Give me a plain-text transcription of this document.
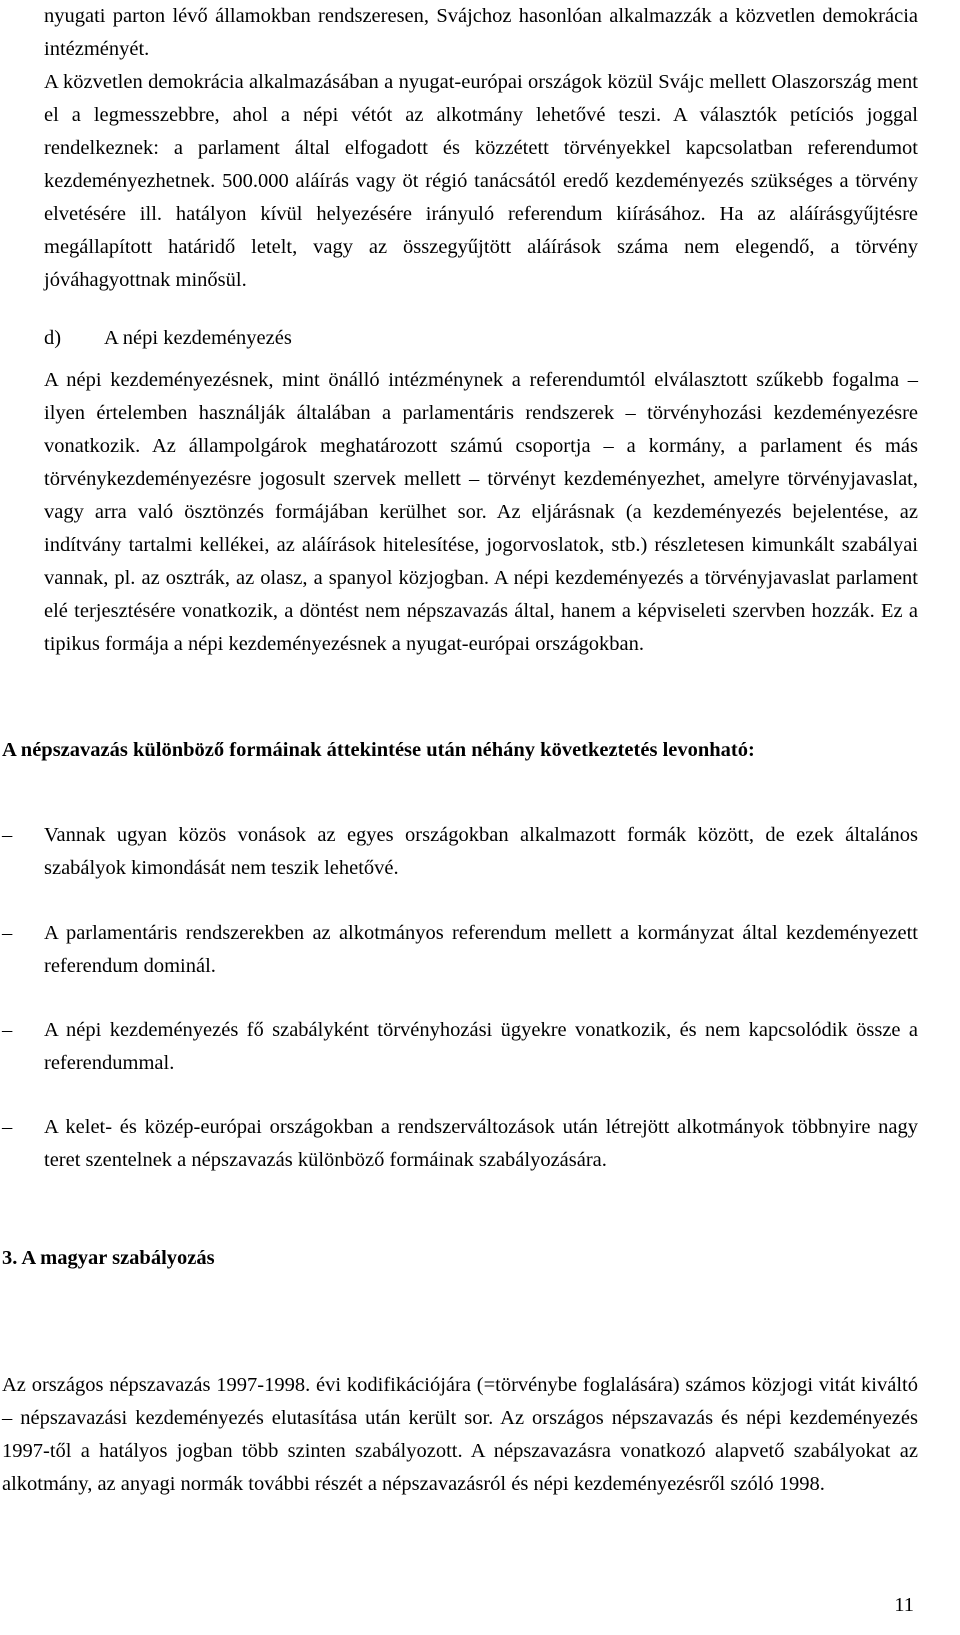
nyugati parton lévő államokban rendszeresen, Svájchoz hasonlóan alkalmazzák a közvetlen demokrácia intézményét.

A közvetlen demokrácia alkalmazásában a nyugat-európai országok közül Svájc mellett Olaszország ment el a legmesszebbre, ahol a népi vétót az alkotmány lehetővé teszi. A választók petíciós joggal rendelkeznek: a parlament által elfogadott és közzétett törvényekkel kapcsolatban referendumot kezdeményezhetnek. 500.000 aláírás vagy öt régió tanácsától eredő kezdeményezés szükséges a törvény elvetésére ill. hatályon kívül helyezésére irányuló referendum kiírásához. Ha az aláírásgyűjtésre megállapított határidő letelt, vagy az összegyűjtött aláírások száma nem elegendő, a törvény jóváhagyottnak minősül.

d) A népi kezdeményezés

A népi kezdeményezésnek, mint önálló intézménynek a referendumtól elválasztott szűkebb fogalma – ilyen értelemben használják általában a parlamentáris rendszerek – törvényhozási kezdeményezésre vonatkozik. Az állampolgárok meghatározott számú csoportja – a kormány, a parlament és más törvénykezdeményezésre jogosult szervek mellett – törvényt kezdeményezhet, amelyre törvényjavaslat, vagy arra való ösztönzés formájában kerülhet sor. Az eljárásnak (a kezdeményezés bejelentése, az indítvány tartalmi kellékei, az aláírások hitelesítése, jogorvoslatok, stb.) részletesen kimunkált szabályai vannak, pl. az osztrák, az olasz, a spanyol közjogban. A népi kezdeményezés a törvényjavaslat parlament elé terjesztésére vonatkozik, a döntést nem népszavazás által, hanem a képviseleti szervben hozzák. Ez a tipikus formája a népi kezdeményezésnek a nyugat-európai országokban.

A népszavazás különböző formáinak áttekintése után néhány következtetés levonható:

–	Vannak ugyan közös vonások az egyes országokban alkalmazott formák között, de ezek általános szabályok kimondását nem teszik lehetővé.
–	A parlamentáris rendszerekben az alkotmányos referendum mellett a kormányzat által kezdeményezett referendum dominál.
–	A népi kezdeményezés fő szabályként törvényhozási ügyekre vonatkozik, és nem kapcsolódik össze a referendummal.
–	A kelet- és közép-európai országokban a rendszerváltozások után létrejött alkotmányok többnyire nagy teret szentelnek a népszavazás különböző formáinak szabályozására.

3. A magyar szabályozás

Az országos népszavazás 1997-1998. évi kodifikációjára (=törvénybe foglalására) számos közjogi vitát kiváltó – népszavazási kezdeményezés elutasítása után került sor. Az országos népszavazás és népi kezdeményezés 1997-től a hatályos jogban több szinten szabályozott. A népszavazásra vonatkozó alapvető szabályokat az alkotmány, az anyagi normák további részét a népszavazásról és népi kezdeményezésről szóló 1998.

11
